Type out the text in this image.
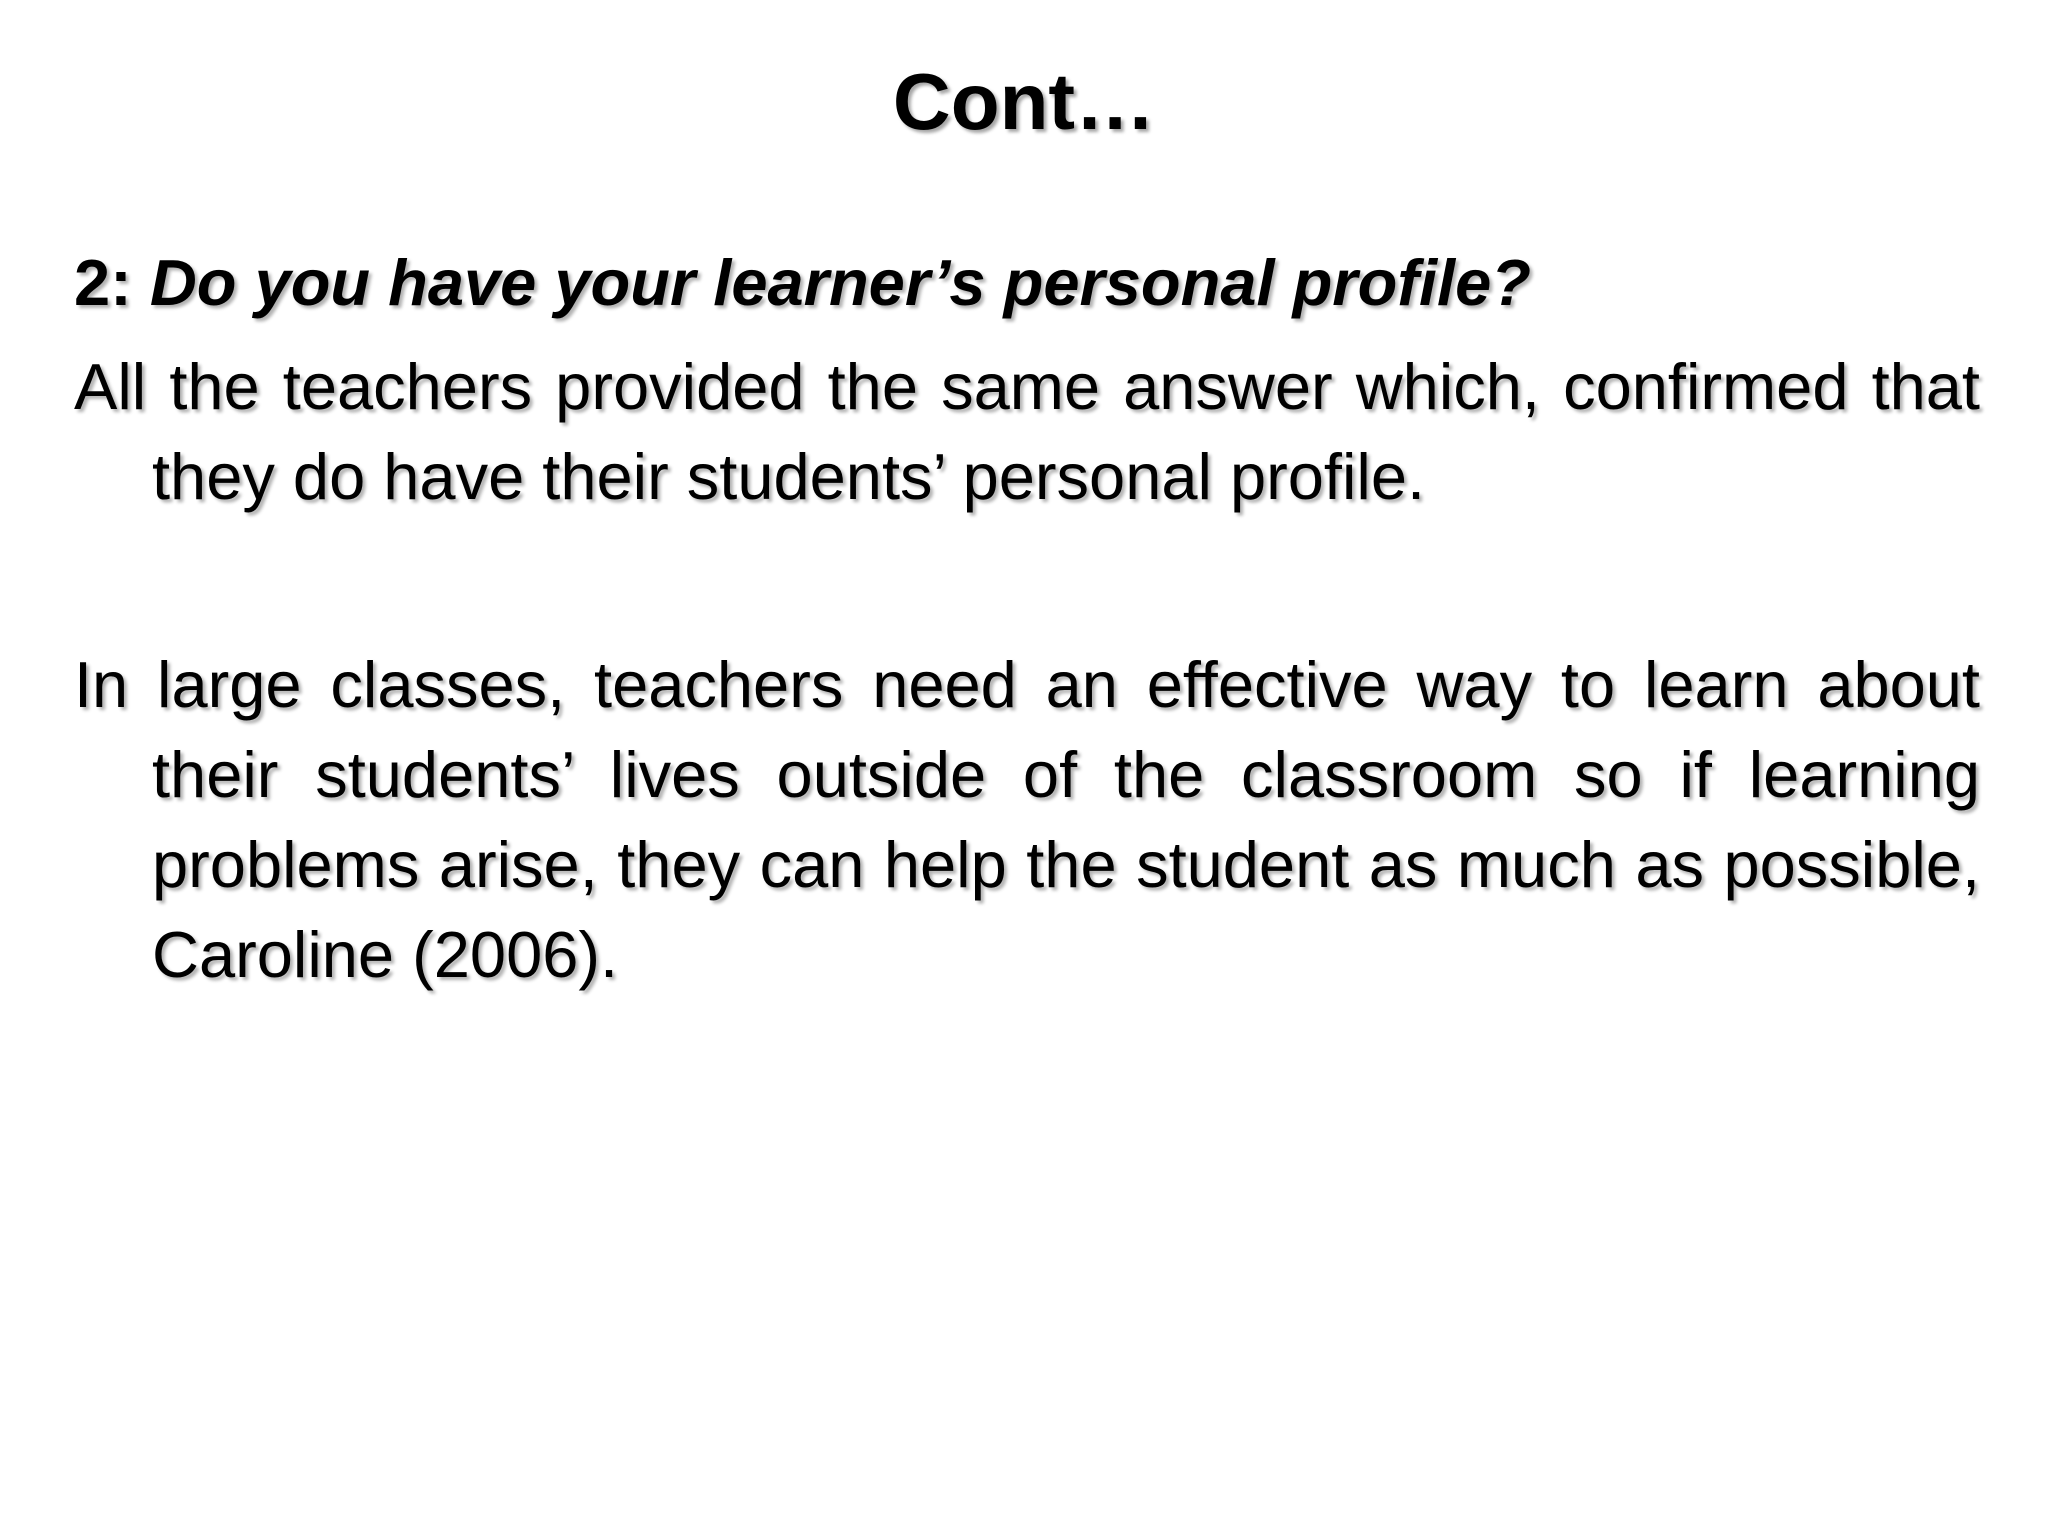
Cont…

2: Do you have your learner’s personal profile?

All the teachers provided the same answer which, confirmed that they do have their students’ personal profile.

In large classes, teachers need an effective way to learn about their students’ lives outside of the classroom so if learning problems arise, they can help the student as much as possible, Caroline (2006).
